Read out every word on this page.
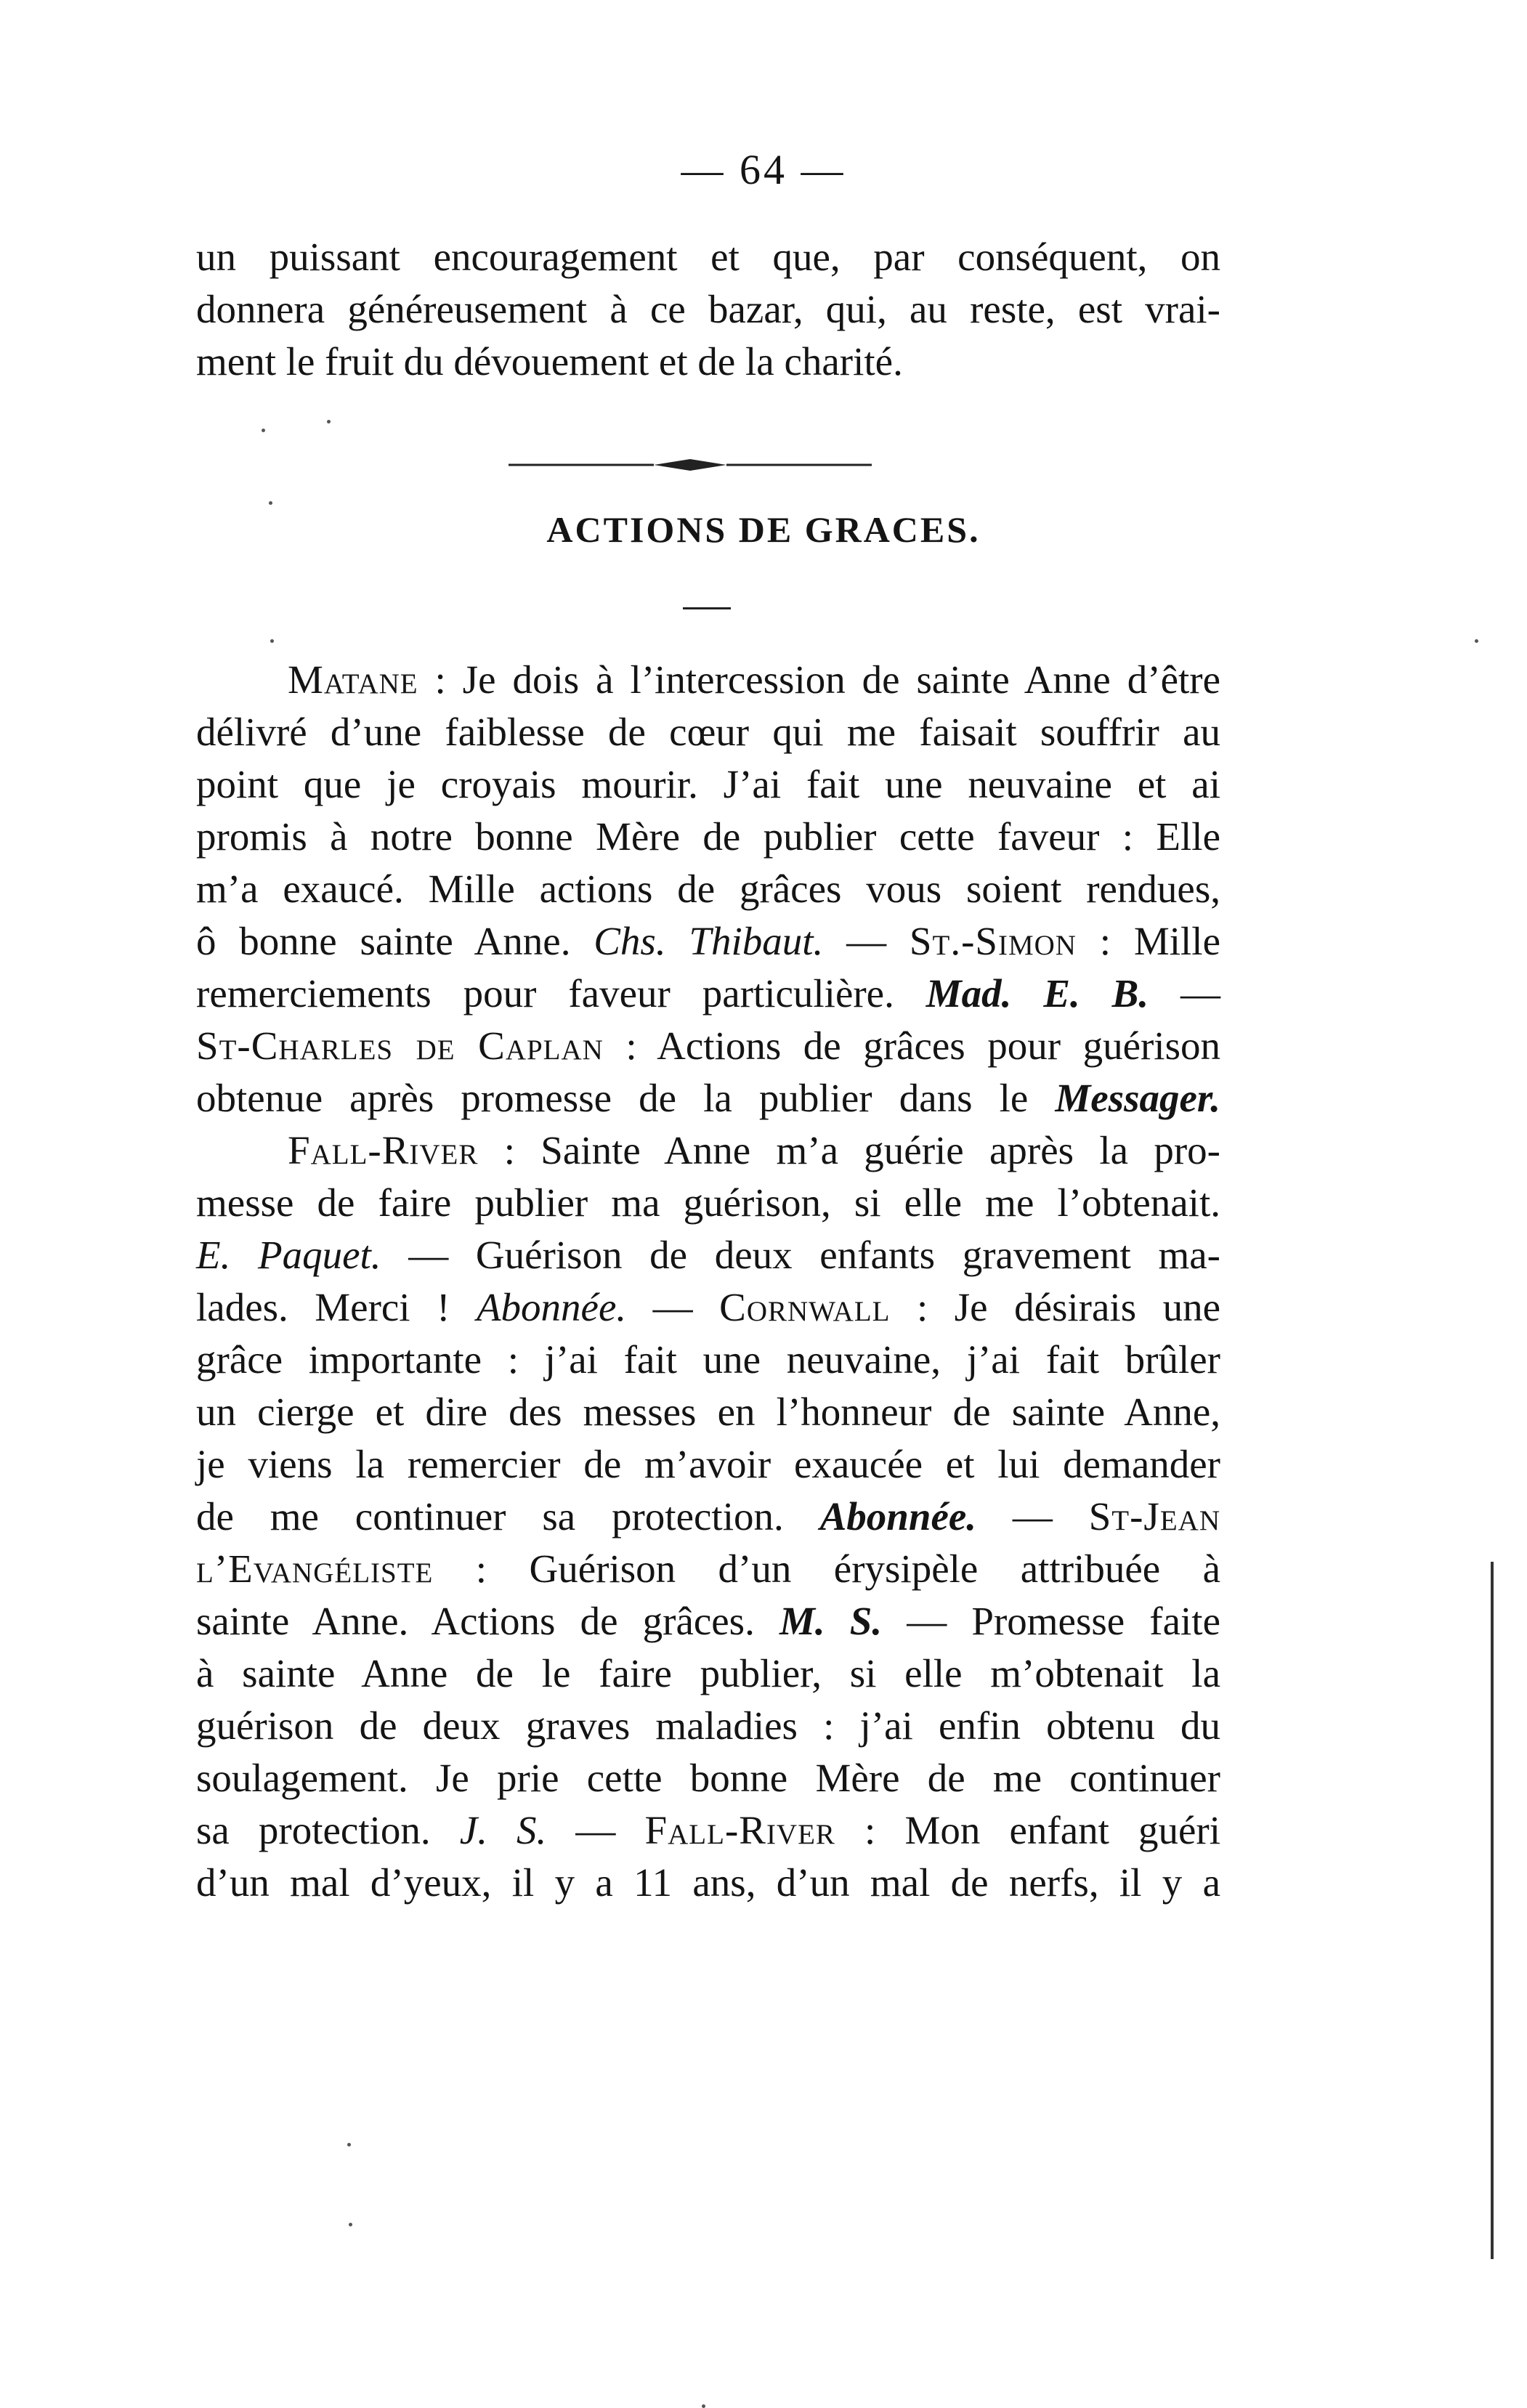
— 64 —
un puissant encouragement et que, par conséquent, on
donnera généreusement à ce bazar, qui, au reste, est vrai-
ment le fruit du dévouement et de la charité.
ACTIONS DE GRACES.
Matane : Je dois à l’intercession de sainte Anne d’être
délivré d’une faiblesse de cœur qui me faisait souffrir au
point que je croyais mourir. J’ai fait une neuvaine et ai
promis à notre bonne Mère de publier cette faveur : Elle
m’a exaucé. Mille actions de grâces vous soient rendues,
ô bonne sainte Anne. Chs. Thibaut. — St.-Simon : Mille
remerciements pour faveur particulière. Mad. E. B. —
St-Charles de Caplan : Actions de grâces pour guérison
obtenue après promesse de la publier dans le Messager.
Fall-River : Sainte Anne m’a guérie après la pro-
messe de faire publier ma guérison, si elle me l’obtenait.
E. Paquet. — Guérison de deux enfants gravement ma-
lades. Merci ! Abonnée. — Cornwall : Je désirais une
grâce importante : j’ai fait une neuvaine, j’ai fait brûler
un cierge et dire des messes en l’honneur de sainte Anne,
je viens la remercier de m’avoir exaucée et lui demander
de me continuer sa protection. Abonnée. — St-Jean
l’Evangéliste : Guérison d’un érysipèle attribuée à
sainte Anne. Actions de grâces. M. S. — Promesse faite
à sainte Anne de le faire publier, si elle m’obtenait la
guérison de deux graves maladies : j’ai enfin obtenu du
soulagement. Je prie cette bonne Mère de me continuer
sa protection. J. S. — Fall-River : Mon enfant guéri
d’un mal d’yeux, il y a 11 ans, d’un mal de nerfs, il y a
